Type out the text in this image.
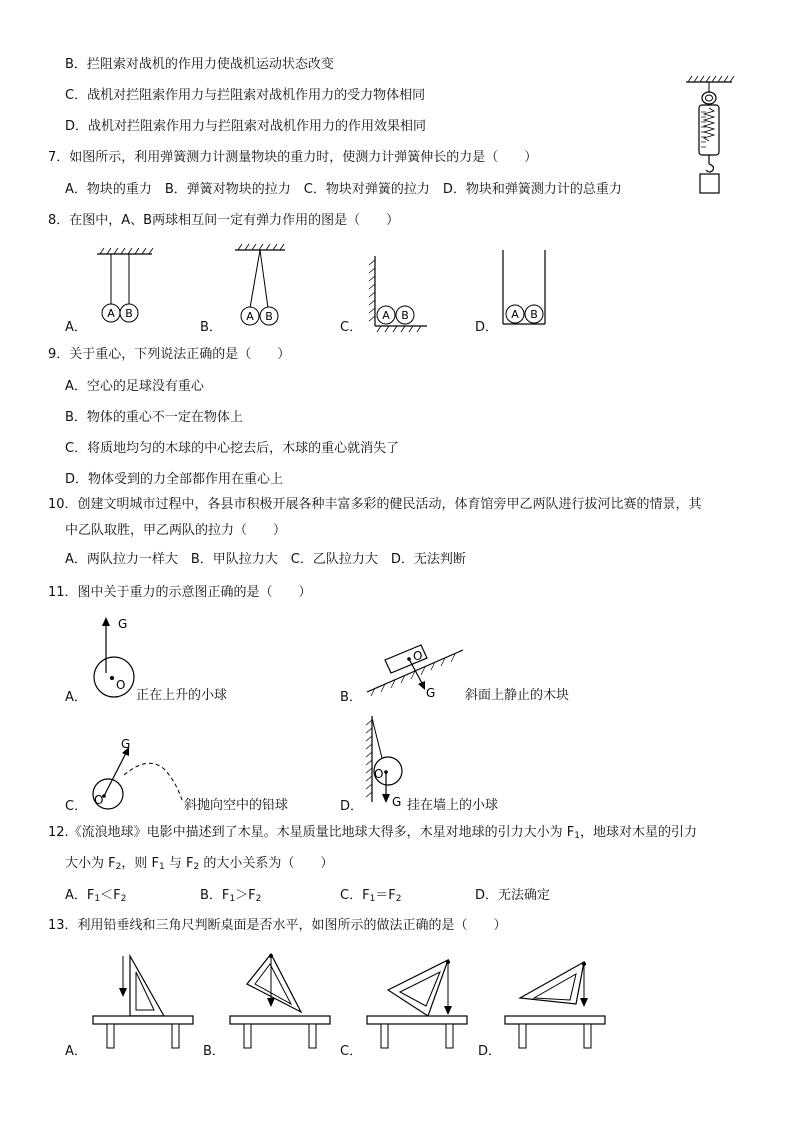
B．拦阻索对战机的作用力使战机运动状态改变
C．战机对拦阻索作用力与拦阻索对战机作用力的受力物体相同
D．战机对拦阻索作用力与拦阻索对战机作用力的作用效果相同
7．如图所示，利用弹簧测力计测量物块的重力时，使测力计弹簧伸长的力是（　　）
A．物块的重力　B．弹簧对物块的拉力　C．物块对弹簧的拉力　D．物块和弹簧测力计的总重力
8．在图中，A、B两球相互间一定有弹力作用的图是（　　）
A B	A B	A B	A B
A．	B．	C．	D．
9．关于重心，下列说法正确的是（　　）
A．空心的足球没有重心
B．物体的重心不一定在物体上
C．将质地均匀的木球的中心挖去后，木球的重心就消失了
D．物体受到的力全部都作用在重心上
10．创建文明城市过程中，各县市积极开展各种丰富多彩的健民活动，体育馆旁甲乙两队进行拔河比赛的情景，其
中乙队取胜，甲乙两队的拉力（　　）
A．两队拉力一样大　B．甲队拉力大　C．乙队拉力大　D．无法判断
11．图中关于重力的示意图正确的是（　　）
G
O
A．	正在上升的小球
O
G
B．	斜面上静止的木块
G
O
C．	斜抛向空中的铅球
O
G
D．	挂在墙上的小球
12.《流浪地球》电影中描述到了木星。木星质量比地球大得多，木星对地球的引力大小为 $F_1$，地球对木星的引力
大小为 $F_2$，则 $F_1$ 与 $F_2$ 的大小关系为（　　）
A．$F_1<F_2$	B．$F_1>F_2$	C．$F_1=F_2$	D．无法确定
13．利用铅垂线和三角尺判断桌面是否水平，如图所示的做法正确的是（　　）
A．	B．	C．	D．
